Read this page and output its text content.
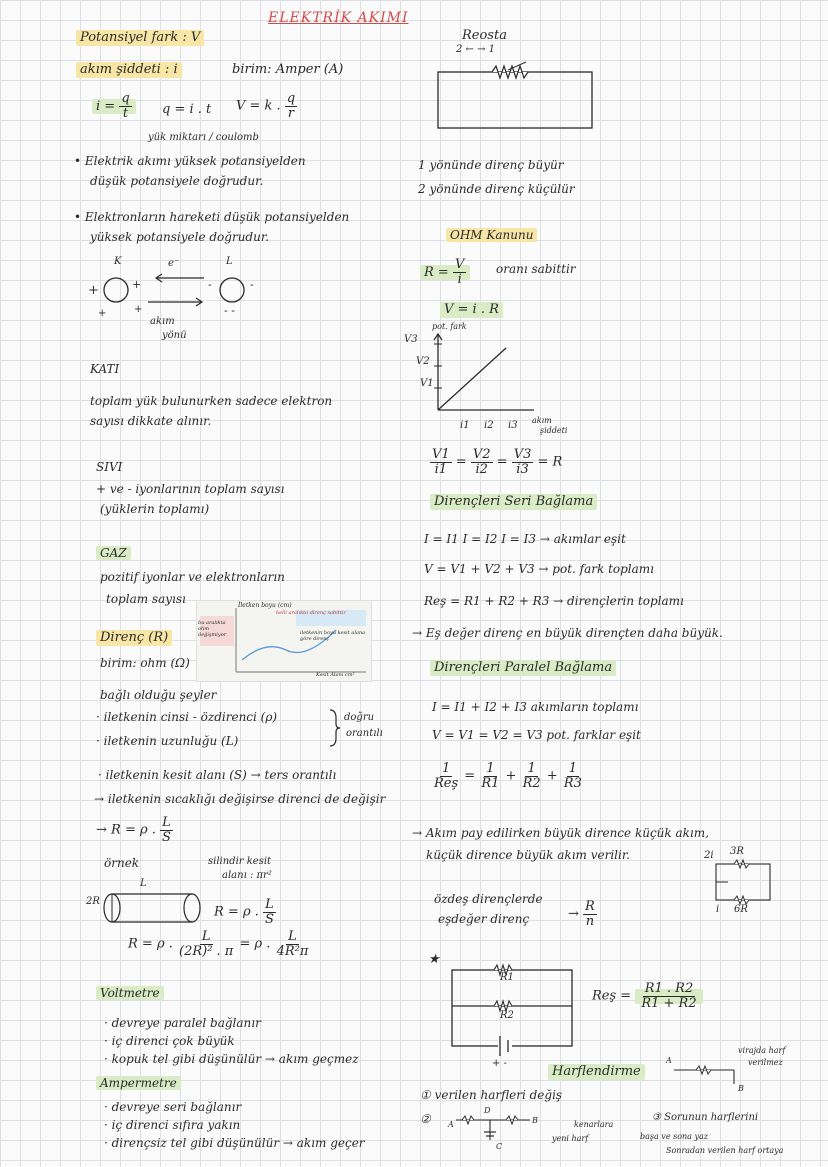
ELEKTRİK AKIMI
Potansiyel fark : V
akım şiddeti : i	birim: Amper (A)
$i = \frac{q}{t}$ q = i . t V = k . $\frac{q}{r}$
yük miktarı / coulomb
• Elektrik akımı yüksek potansiyelden
düşük potansiyele doğrudur.
• Elektronların hareketi düşük potansiyelden
yüksek potansiyele doğrudur.
K	L
e⁻
+	+
+	+
-	-
- -
akım
yönü
KATI
toplam yük bulunurken sadece elektron
sayısı dikkate alınır.
SIVI
+ ve - iyonlarının toplam sayısı
(yüklerin toplamı)
GAZ
pozitif iyonlar ve elektronların
toplam sayısı	İletken boyu (cm)
bu aralıkta ohm değişmiyor
belli aralıkta direnç sabittir
iletkenin boyu kesit alana göre direnç
Kesit Alanı cm²
Direnç (R)
birim: ohm (Ω)
bağlı olduğu şeyler
· iletkenin cinsi - özdirenci (ρ)
· iletkenin uzunluğu (L)
doğru
orantılı
· iletkenin kesit alanı (S) → ters orantılı
→ iletkenin sıcaklığı değişirse direnci de değişir
→ R = ρ . $\frac{L}{S}$
örnek	silindir kesit
alanı : πr²
2R
L
R = ρ . $\frac{L}{S}$
R = ρ . $\frac{L}{\text{(2R)² . π}} = \rho$ . $\frac{L}{\text{4R²π}}$
Voltmetre
· devreye paralel bağlanır
· iç direnci çok büyük
· kopuk tel gibi düşünülür → akım geçmez
Ampermetre
· devreye seri bağlanır
· iç direnci sıfıra yakın
· dirençsiz tel gibi düşünülür → akım geçer
Reosta
2 ← → 1
1 yönünde direnç büyür
2 yönünde direnç küçülür
OHM Kanunu
$R = \frac{V}{i}$ oranı sabittir
V = i . R
pot. fark
V3
V2
V1
i1 i2 i3 akım
şiddeti
$\frac{V1}{i1} = \frac{V2}{i2} = \frac{V3}{i3} = R$
Dirençleri Seri Bağlama
I = I1 I = I2 I = I3 → akımlar eşit
V = V1 + V2 + V3 → pot. fark toplamı
Reş = R1 + R2 + R3 → dirençlerin toplamı
→ Eş değer direnç en büyük dirençten daha büyük.
Dirençleri Paralel Bağlama
I = I1 + I2 + I3 akımların toplamı
V = V1 = V2 = V3 pot. farklar eşit
$\frac{1}{\text{Reş}} = \frac{1}{R1} + \frac{1}{R2} + \frac{1}{R3}$
→ Akım pay edilirken büyük dirence küçük akım,
küçük dirence büyük akım verilir.	2i 3R
i 6R
özdeş dirençlerde
eşdeğer direnç	→ $\frac{R}{n}$
★
R1
R2
+ -
Reş = $\frac{R1 . R2}{R1 + R2}$
Harflendirme
A
B
virajda harf
verilmez
① verilen harfleri değiş
② A
D
B
C
kenarlara
yeni harf
③ Sorunun harflerini
başa ve sona yaz
Sonradan verilen harf ortaya
